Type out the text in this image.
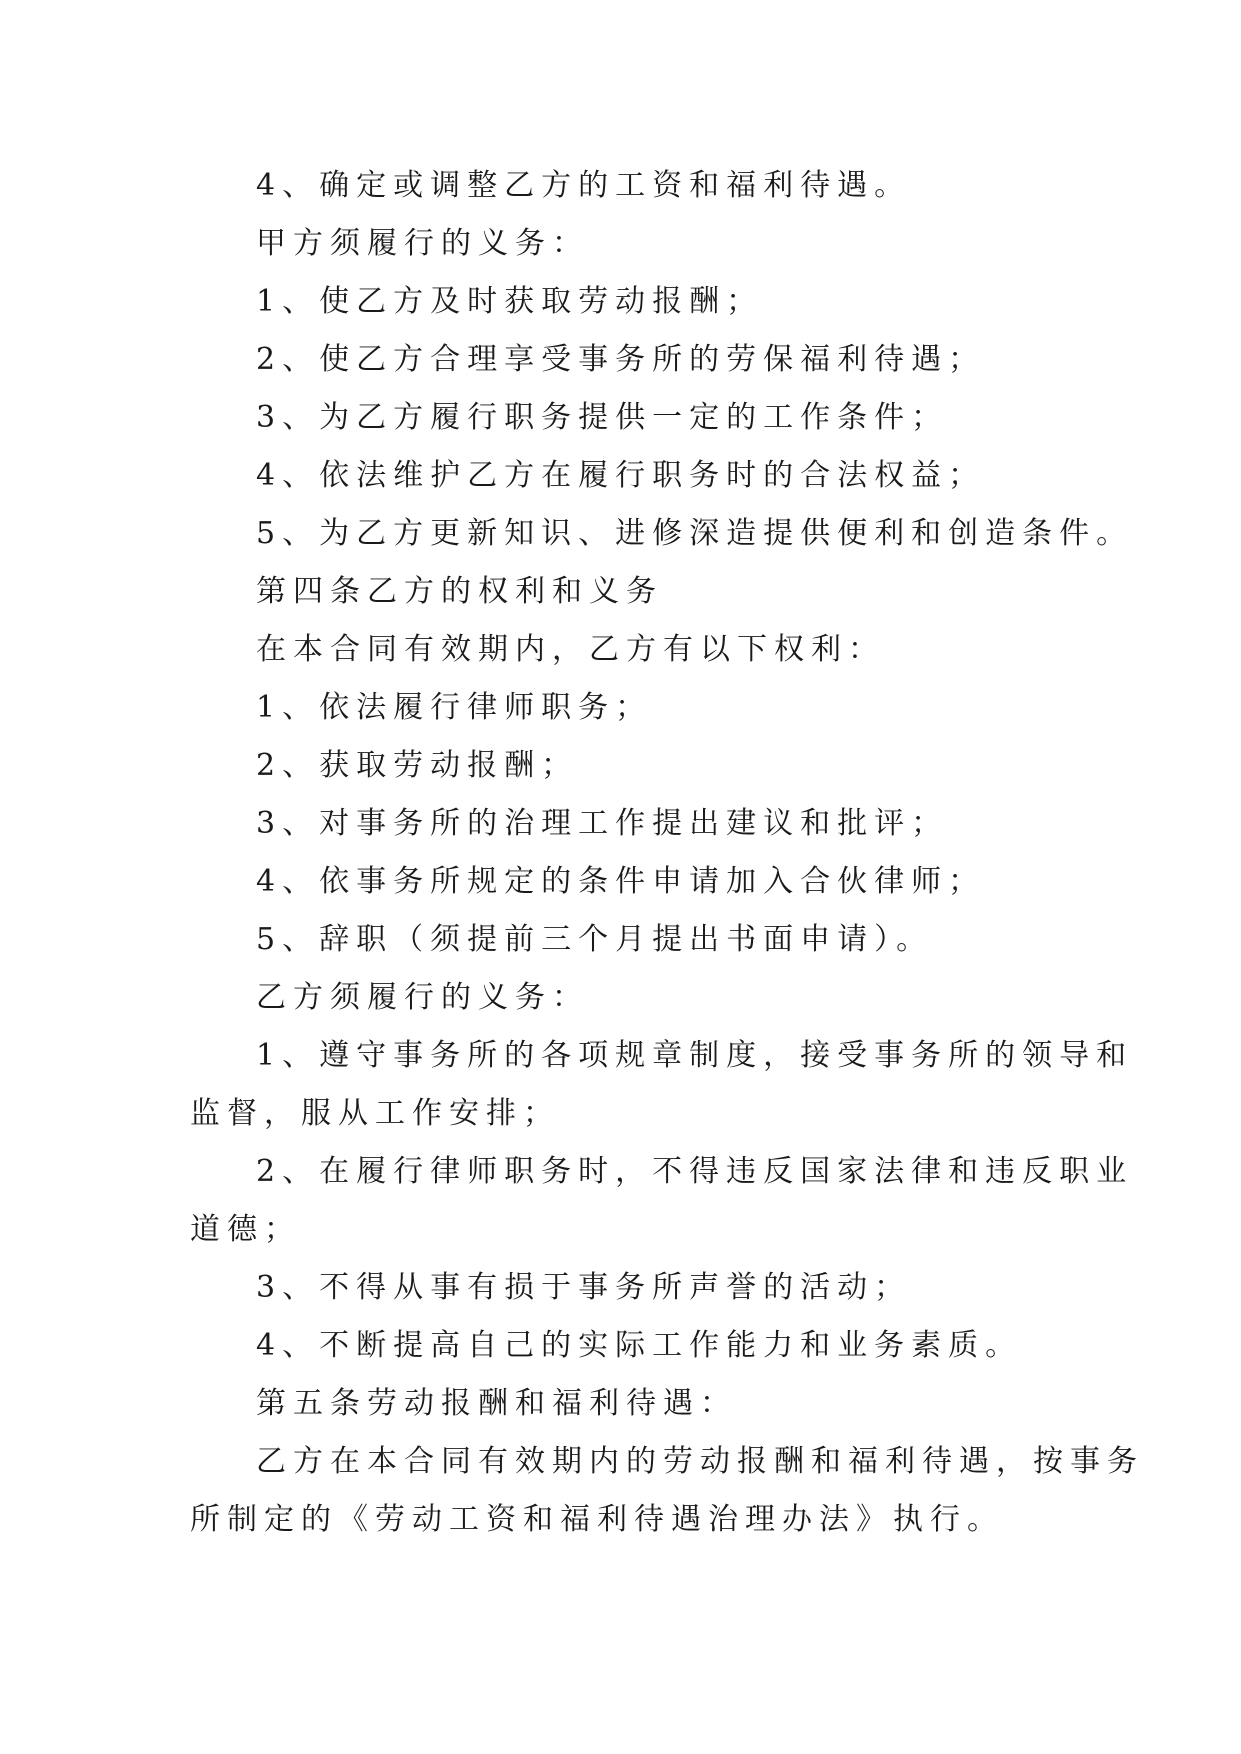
4、确定或调整乙方的工资和福利待遇。

甲方须履行的义务：

1、使乙方及时获取劳动报酬；

2、使乙方合理享受事务所的劳保福利待遇；

3、为乙方履行职务提供一定的工作条件；

4、依法维护乙方在履行职务时的合法权益；

5、为乙方更新知识、进修深造提供便利和创造条件。

第四条乙方的权利和义务

在本合同有效期内，乙方有以下权利：

1、依法履行律师职务；

2、获取劳动报酬；

3、对事务所的治理工作提出建议和批评；

4、依事务所规定的条件申请加入合伙律师；

5、辞职（须提前三个月提出书面申请）。

乙方须履行的义务：

1、遵守事务所的各项规章制度，接受事务所的领导和

监督，服从工作安排；

2、在履行律师职务时，不得违反国家法律和违反职业

道德；

3、不得从事有损于事务所声誉的活动；

4、不断提高自己的实际工作能力和业务素质。

第五条劳动报酬和福利待遇：

乙方在本合同有效期内的劳动报酬和福利待遇，按事务

所制定的《劳动工资和福利待遇治理办法》执行。
